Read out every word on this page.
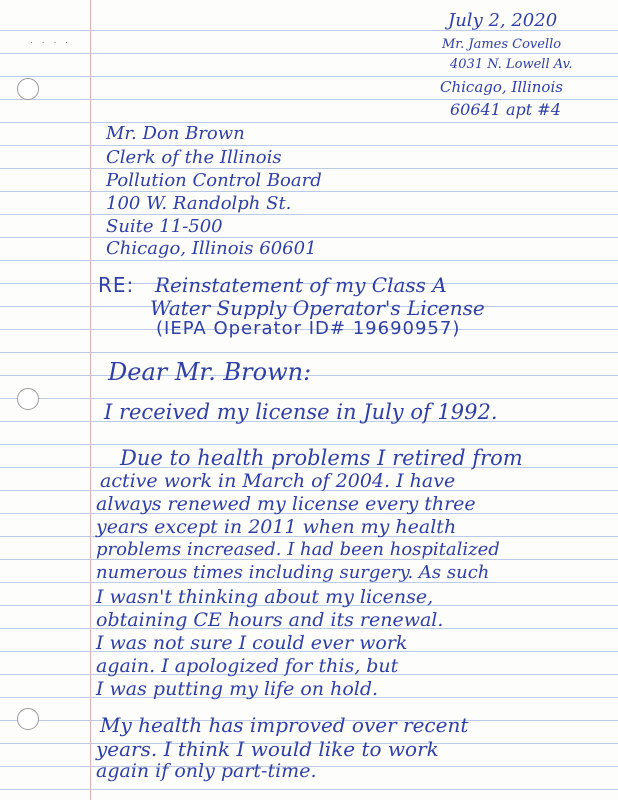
. . . .
July 2, 2020
Mr. James Covello
4031 N. Lowell Av.
Chicago, Illinois
60641 apt #4
Mr. Don Brown
Clerk of the Illinois
Pollution Control Board
100 W. Randolph St.
Suite 11-500
Chicago, Illinois 60601
RE: Reinstatement of my Class A
Water Supply Operator's License
(IEPA Operator ID# 19690957)
Dear Mr. Brown:
I received my license in July of 1992.
Due to health problems I retired from
active work in March of 2004. I have
always renewed my license every three
years except in 2011 when my health
problems increased. I had been hospitalized
numerous times including surgery. As such
I wasn't thinking about my license,
obtaining CE hours and its renewal.
I was not sure I could ever work
again. I apologized for this, but
I was putting my life on hold.
My health has improved over recent
years. I think I would like to work
again if only part-time.
